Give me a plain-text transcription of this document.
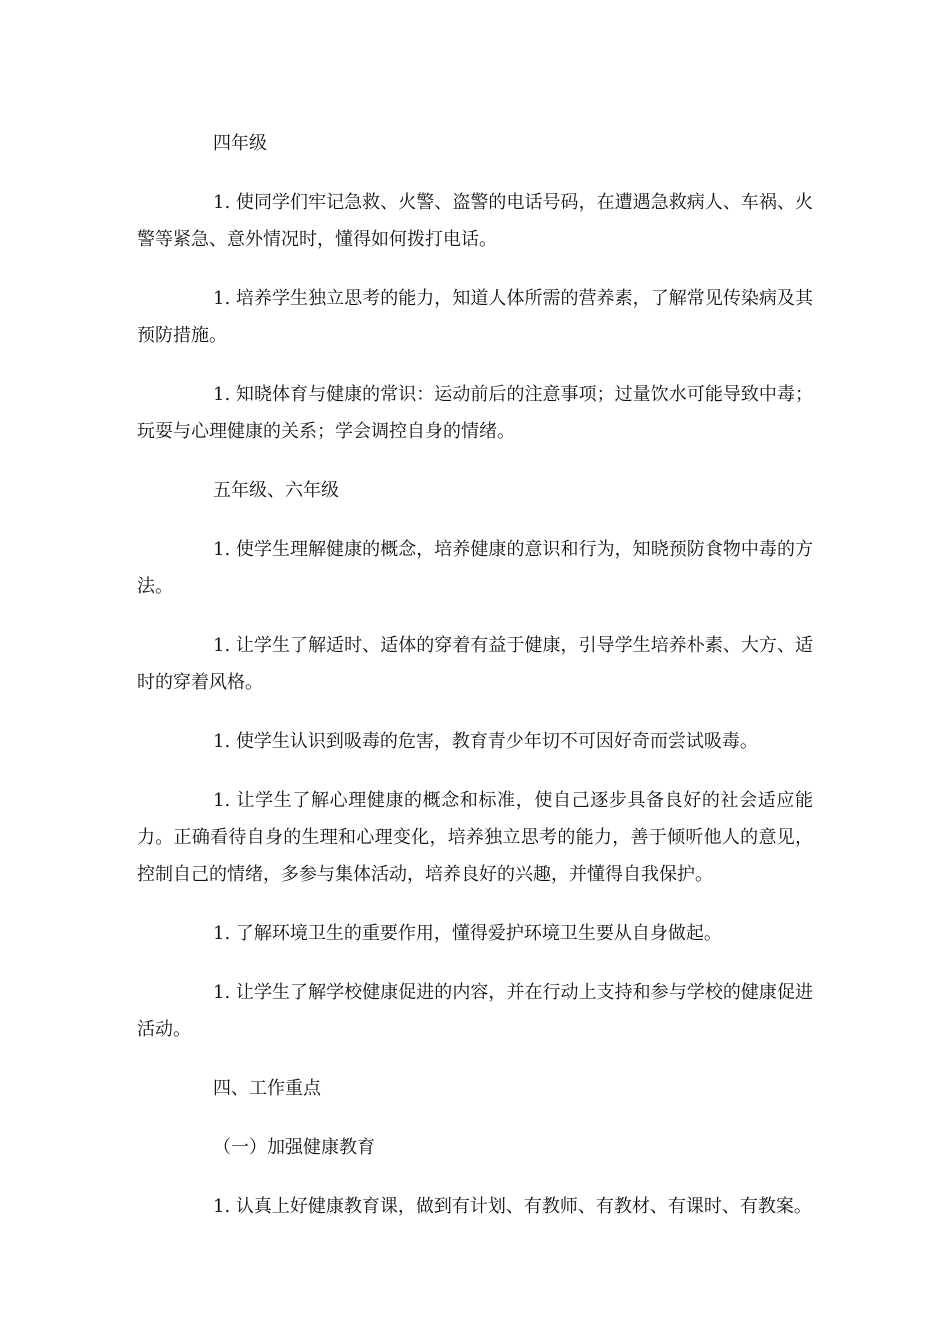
四年级

1. 使同学们牢记急救、火警、盗警的电话号码，在遭遇急救病人、车祸、火警等紧急、意外情况时，懂得如何拨打电话。

1. 培养学生独立思考的能力，知道人体所需的营养素，了解常见传染病及其预防措施。

1. 知晓体育与健康的常识：运动前后的注意事项；过量饮水可能导致中毒；玩耍与心理健康的关系；学会调控自身的情绪。

五年级、六年级

1. 使学生理解健康的概念，培养健康的意识和行为，知晓预防食物中毒的方法。

1. 让学生了解适时、适体的穿着有益于健康，引导学生培养朴素、大方、适时的穿着风格。

1. 使学生认识到吸毒的危害，教育青少年切不可因好奇而尝试吸毒。

1. 让学生了解心理健康的概念和标准，使自己逐步具备良好的社会适应能力。正确看待自身的生理和心理变化，培养独立思考的能力，善于倾听他人的意见，控制自己的情绪，多参与集体活动，培养良好的兴趣，并懂得自我保护。

1. 了解环境卫生的重要作用，懂得爱护环境卫生要从自身做起。

1. 让学生了解学校健康促进的内容，并在行动上支持和参与学校的健康促进活动。

四、工作重点

（一）加强健康教育

1. 认真上好健康教育课，做到有计划、有教师、有教材、有课时、有教案。
